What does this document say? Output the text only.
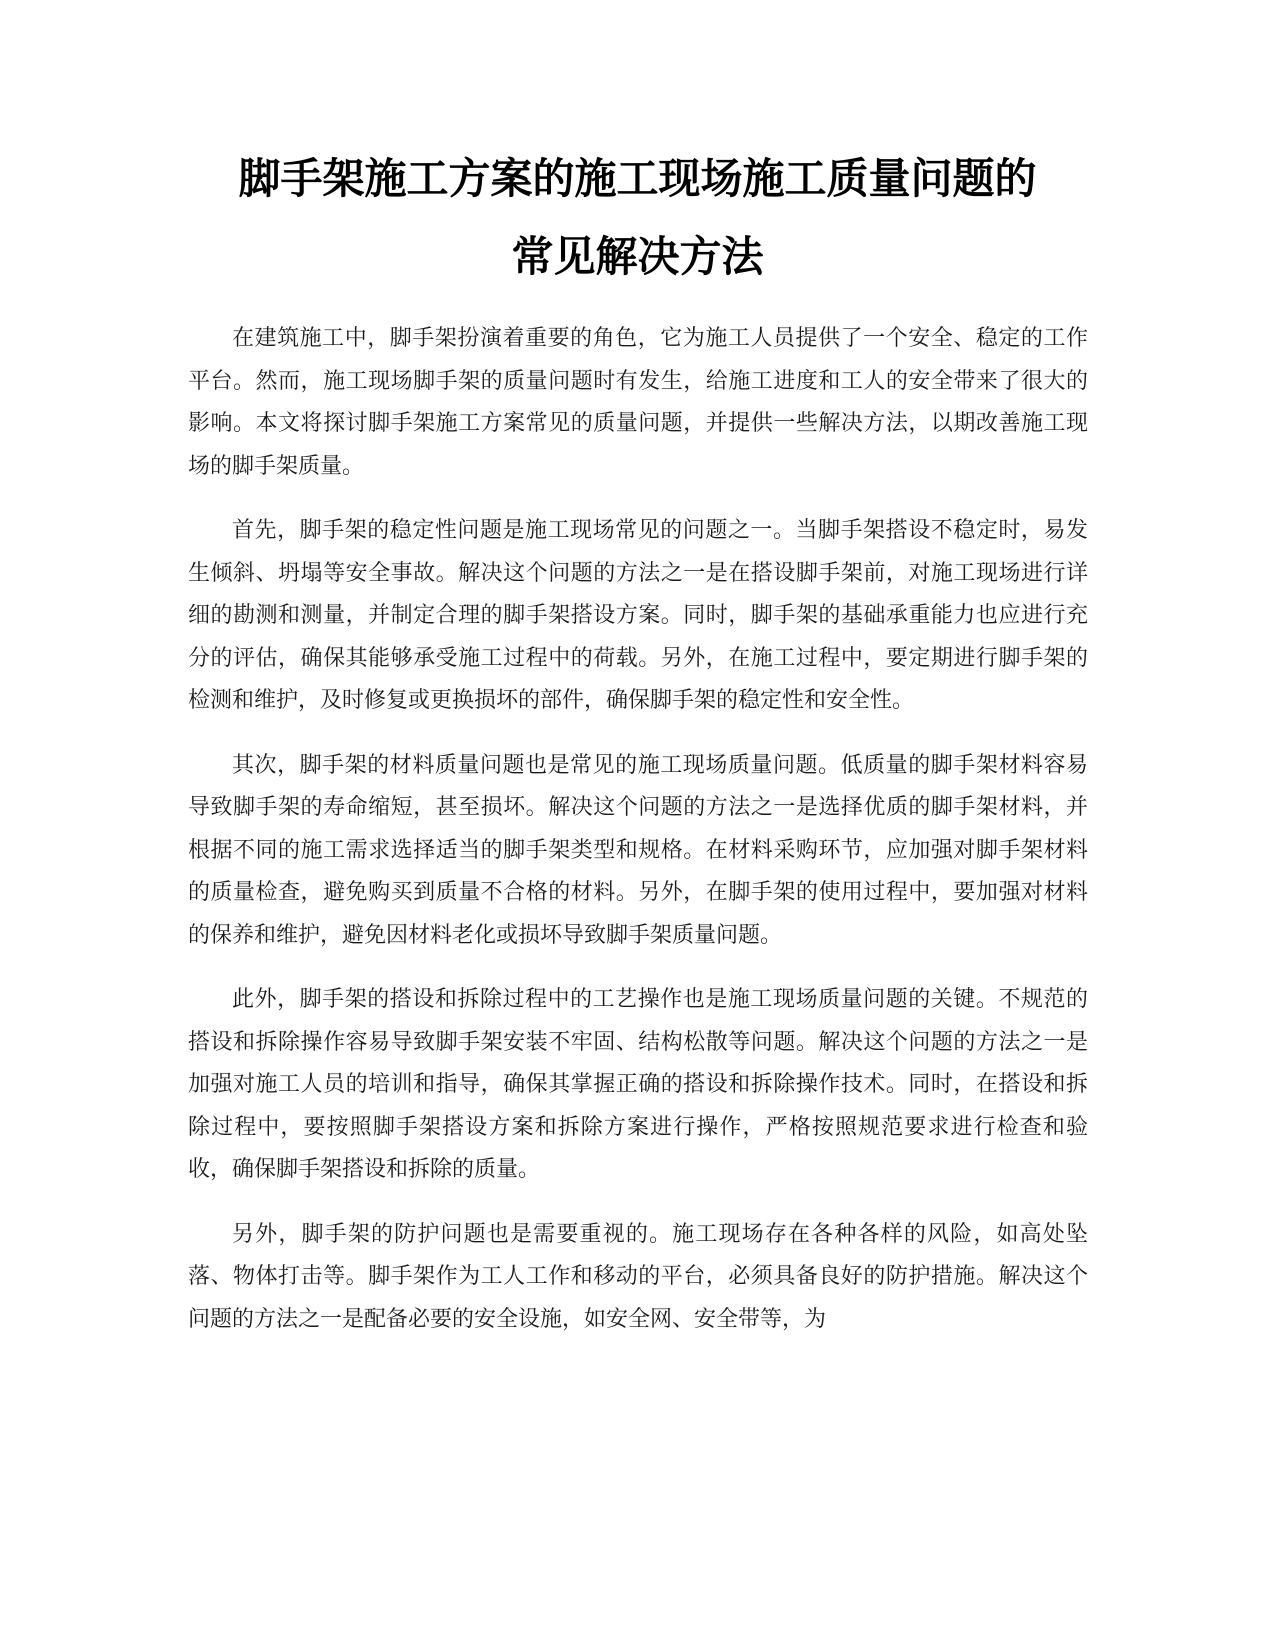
脚手架施工方案的施工现场施工质量问题的
常见解决方法

在建筑施工中，脚手架扮演着重要的角色，它为施工人员提供了一个安全、稳定的工作平台。然而，施工现场脚手架的质量问题时有发生，给施工进度和工人的安全带来了很大的影响。本文将探讨脚手架施工方案常见的质量问题，并提供一些解决方法，以期改善施工现场的脚手架质量。

首先，脚手架的稳定性问题是施工现场常见的问题之一。当脚手架搭设不稳定时，易发生倾斜、坍塌等安全事故。解决这个问题的方法之一是在搭设脚手架前，对施工现场进行详细的勘测和测量，并制定合理的脚手架搭设方案。同时，脚手架的基础承重能力也应进行充分的评估，确保其能够承受施工过程中的荷载。另外，在施工过程中，要定期进行脚手架的检测和维护，及时修复或更换损坏的部件，确保脚手架的稳定性和安全性。

其次，脚手架的材料质量问题也是常见的施工现场质量问题。低质量的脚手架材料容易导致脚手架的寿命缩短，甚至损坏。解决这个问题的方法之一是选择优质的脚手架材料，并根据不同的施工需求选择适当的脚手架类型和规格。在材料采购环节，应加强对脚手架材料的质量检查，避免购买到质量不合格的材料。另外，在脚手架的使用过程中，要加强对材料的保养和维护，避免因材料老化或损坏导致脚手架质量问题。

此外，脚手架的搭设和拆除过程中的工艺操作也是施工现场质量问题的关键。不规范的搭设和拆除操作容易导致脚手架安装不牢固、结构松散等问题。解决这个问题的方法之一是加强对施工人员的培训和指导，确保其掌握正确的搭设和拆除操作技术。同时，在搭设和拆除过程中，要按照脚手架搭设方案和拆除方案进行操作，严格按照规范要求进行检查和验收，确保脚手架搭设和拆除的质量。

另外，脚手架的防护问题也是需要重视的。施工现场存在各种各样的风险，如高处坠落、物体打击等。脚手架作为工人工作和移动的平台，必须具备良好的防护措施。解决这个问题的方法之一是配备必要的安全设施，如安全网、安全带等，为
